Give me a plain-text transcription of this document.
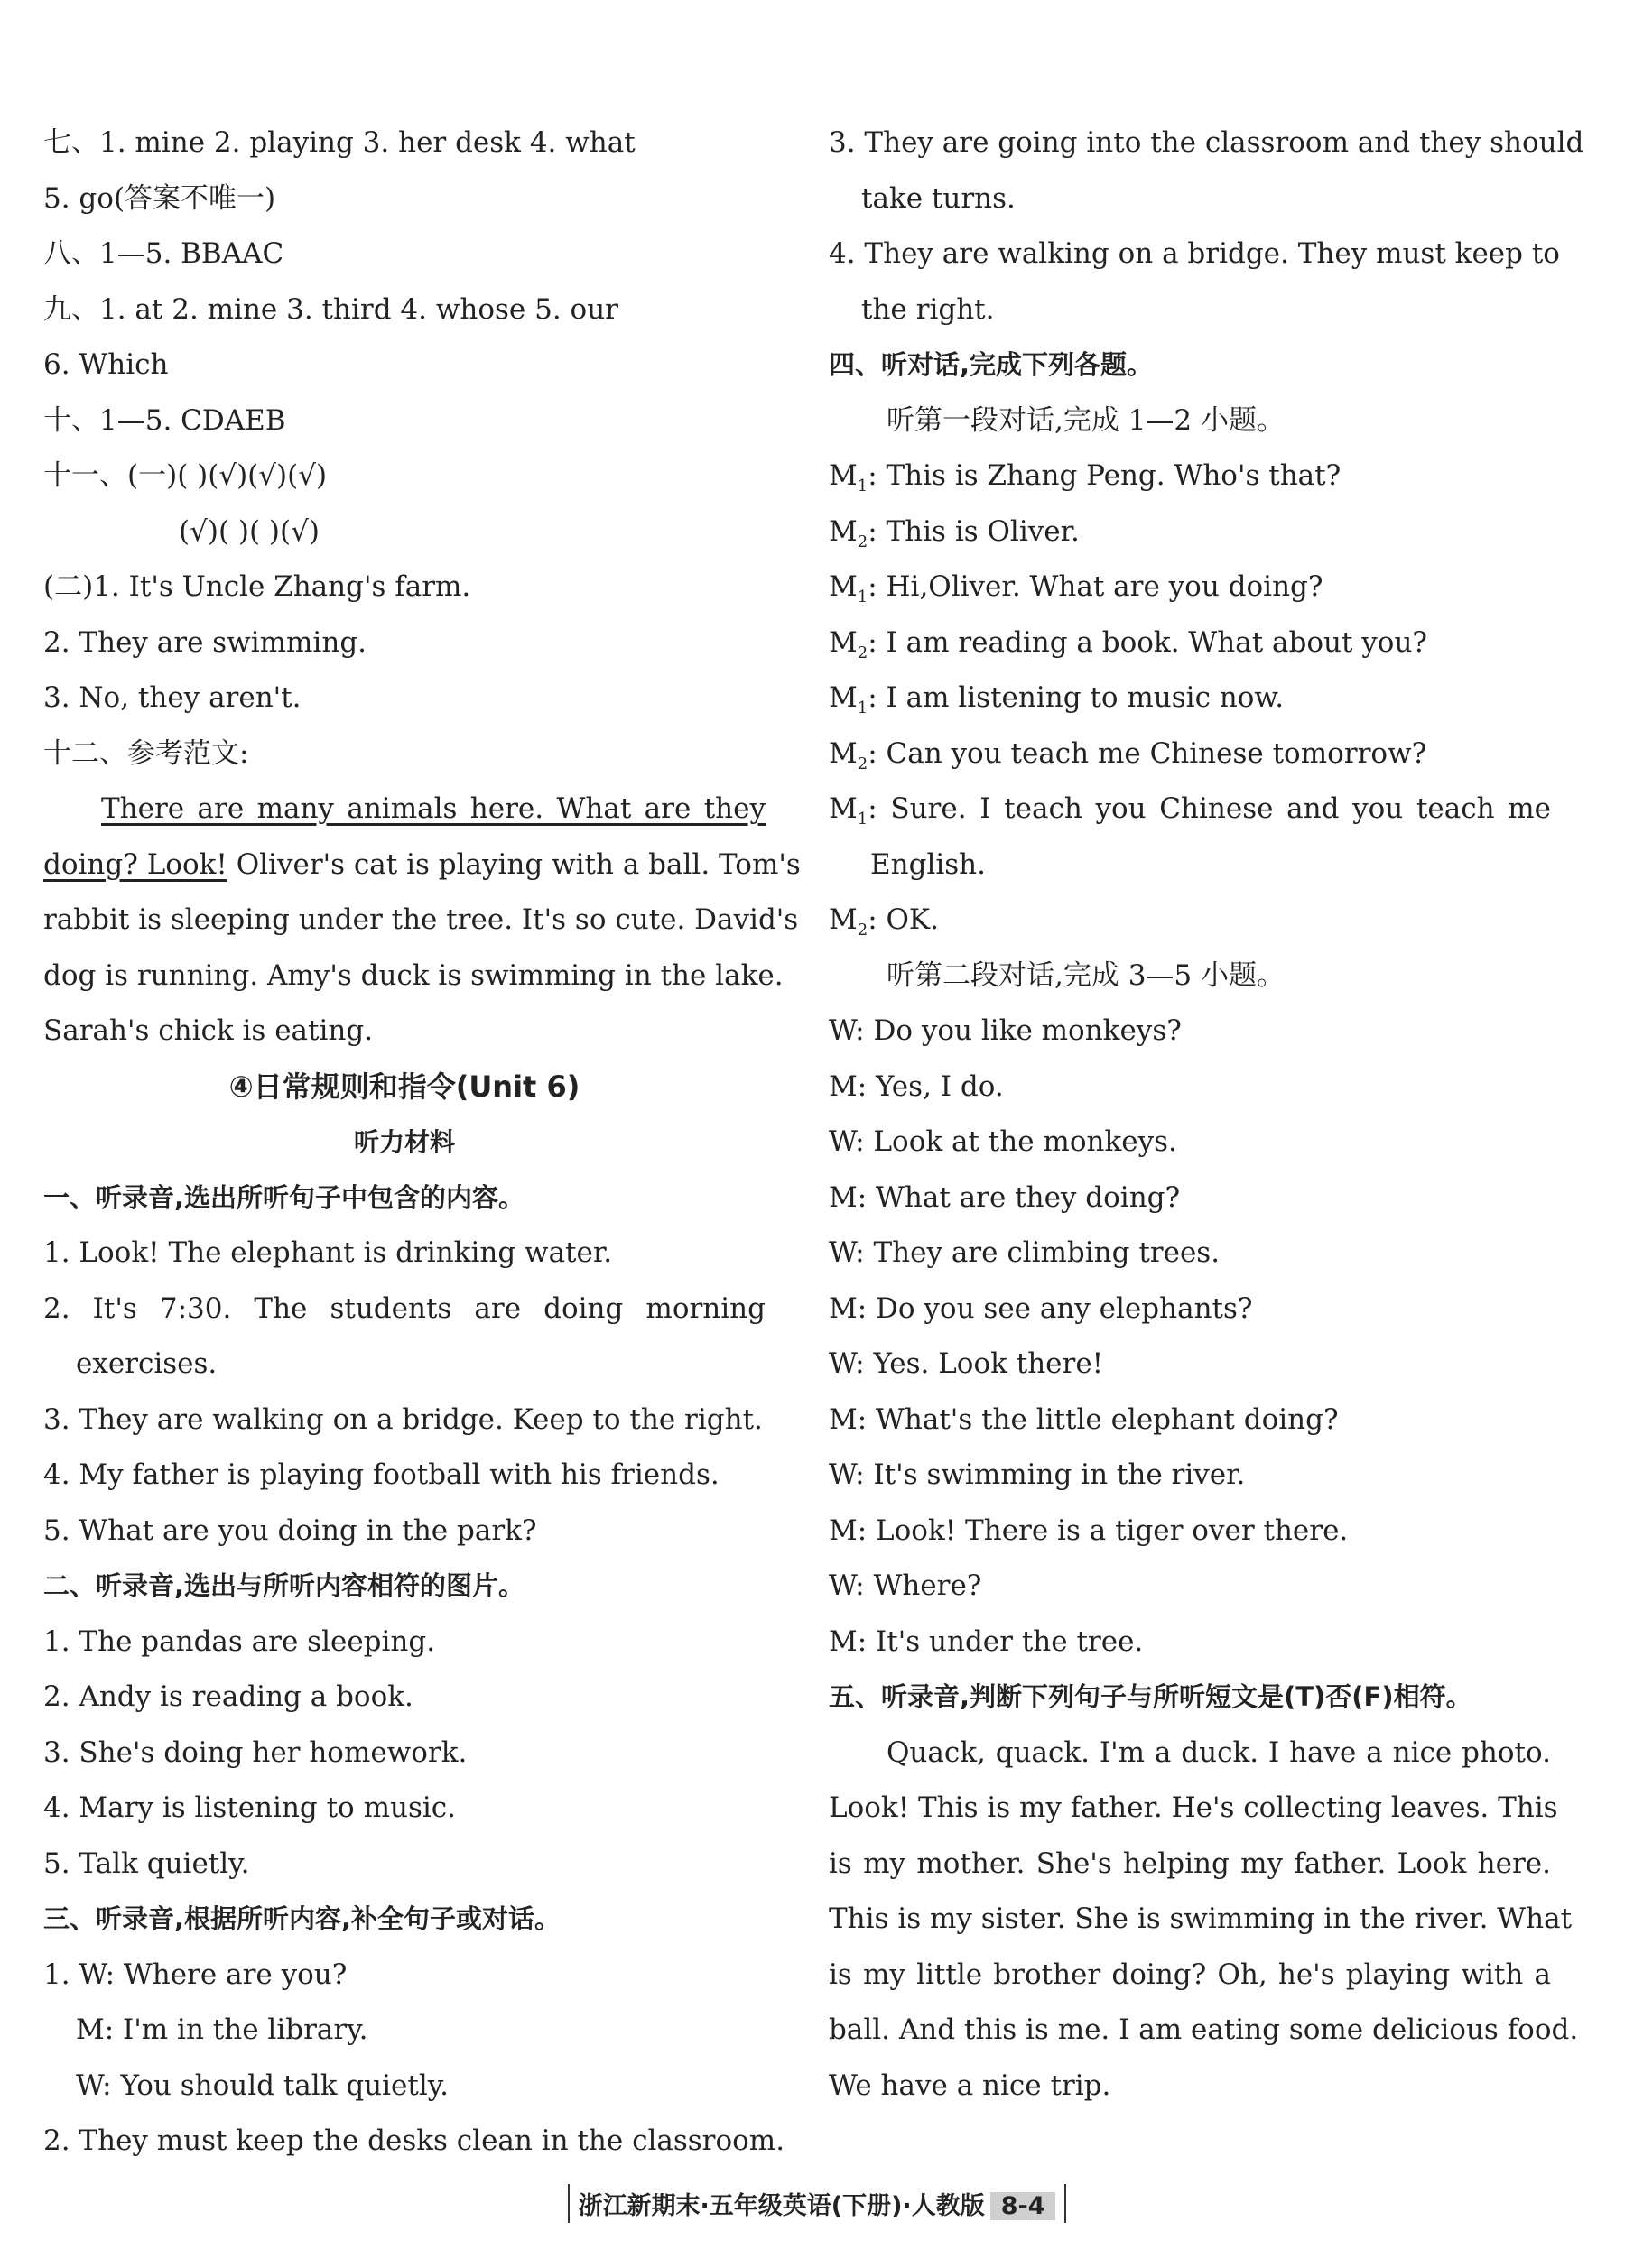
七、1. mine 2. playing 3. her desk 4. what
5. go(答案不唯一)
八、1—5. BBAAC
九、1. at 2. mine 3. third 4. whose 5. our
6. Which
十、1—5. CDAEB
十一、(一)( )(√)(√)(√)
(√)( )( )(√)
(二)1. It's Uncle Zhang's farm.
2. They are swimming.
3. No, they aren't.
十二、参考范文:
There are many animals here. What are they
doing? Look! Oliver's cat is playing with a ball. Tom's
rabbit is sleeping under the tree. It's so cute. David's
dog is running. Amy's duck is swimming in the lake.
Sarah's chick is eating.
④日常规则和指令(Unit 6)
听力材料
一、听录音,选出所听句子中包含的内容。
1. Look! The elephant is drinking water.
2. It's 7:30. The students are doing morning
exercises.
3. They are walking on a bridge. Keep to the right.
4. My father is playing football with his friends.
5. What are you doing in the park?
二、听录音,选出与所听内容相符的图片。
1. The pandas are sleeping.
2. Andy is reading a book.
3. She's doing her homework.
4. Mary is listening to music.
5. Talk quietly.
三、听录音,根据所听内容,补全句子或对话。
1. W: Where are you?
M: I'm in the library.
W: You should talk quietly.
2. They must keep the desks clean in the classroom.
3. They are going into the classroom and they should
take turns.
4. They are walking on a bridge. They must keep to
the right.
四、听对话,完成下列各题。
听第一段对话,完成 1—2 小题。
$M_1$: This is Zhang Peng. Who's that?
$M_2$: This is Oliver.
$M_1$: Hi,Oliver. What are you doing?
$M_2$: I am reading a book. What about you?
$M_1$: I am listening to music now.
$M_2$: Can you teach me Chinese tomorrow?
$M_1$: Sure. I teach you Chinese and you teach me
English.
$M_2$: OK.
听第二段对话,完成 3—5 小题。
W: Do you like monkeys?
M: Yes, I do.
W: Look at the monkeys.
M: What are they doing?
W: They are climbing trees.
M: Do you see any elephants?
W: Yes. Look there!
M: What's the little elephant doing?
W: It's swimming in the river.
M: Look! There is a tiger over there.
W: Where?
M: It's under the tree.
五、听录音,判断下列句子与所听短文是(T)否(F)相符。
Quack, quack. I'm a duck. I have a nice photo.
Look! This is my father. He's collecting leaves. This
is my mother. She's helping my father. Look here.
This is my sister. She is swimming in the river. What
is my little brother doing? Oh, he's playing with a
ball. And this is me. I am eating some delicious food.
We have a nice trip.
浙江新期末·五年级英语(下册)·人教版 8-4
